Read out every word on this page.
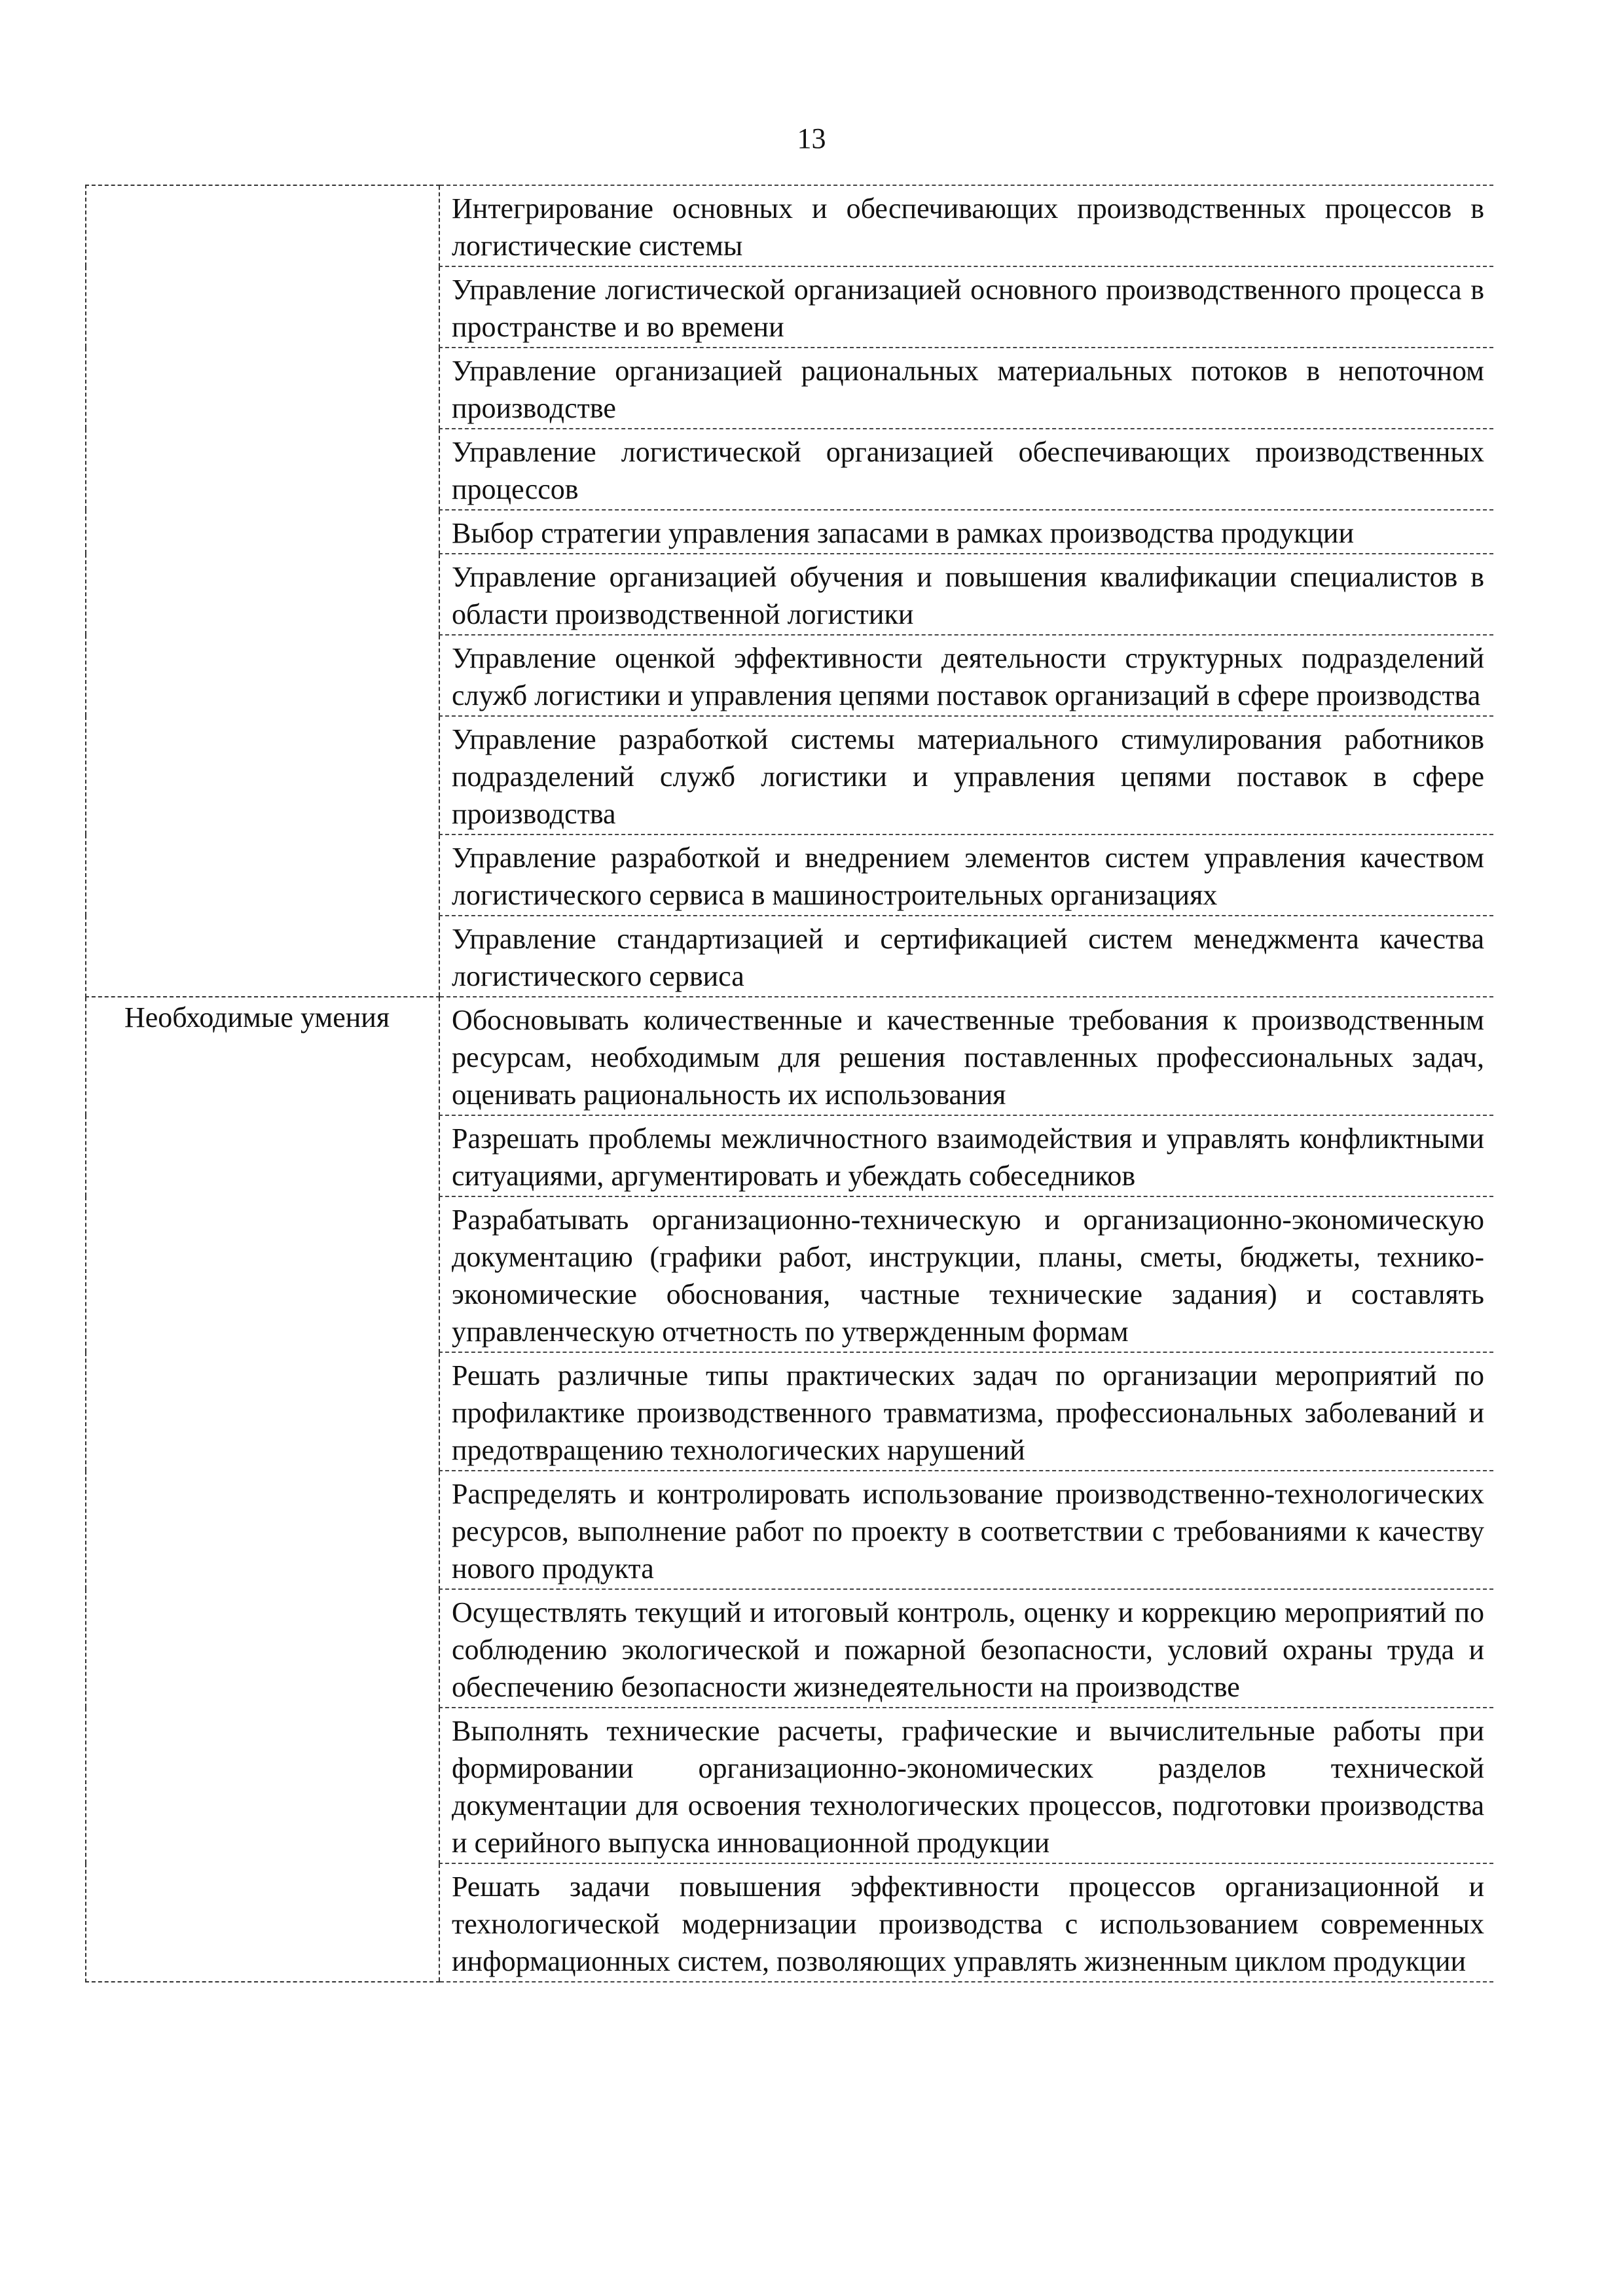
13
	Интегрирование основных и обеспечивающих производственных процессов в логистические системы
	Управление логистической организацией основного производственного процесса в пространстве и во времени
	Управление организацией рациональных материальных потоков в непоточном производстве
	Управление логистической организацией обеспечивающих производственных процессов
	Выбор стратегии управления запасами в рамках производства продукции
	Управление организацией обучения и повышения квалификации специалистов в области производственной логистики
	Управление оценкой эффективности деятельности структурных подразделений служб логистики и управления цепями поставок организаций в сфере производства
	Управление разработкой системы материального стимулирования работников подразделений служб логистики и управления цепями поставок в сфере производства
	Управление разработкой и внедрением элементов систем управления качеством логистического сервиса в машиностроительных организациях
	Управление стандартизацией и сертификацией систем менеджмента качества логистического сервиса

Необходимые умения	Обосновывать количественные и качественные требования к производственным ресурсам, необходимым для решения поставленных профессиональных задач, оценивать рациональность их использования
	Разрешать проблемы межличностного взаимодействия и управлять конфликтными ситуациями, аргументировать и убеждать собеседников
	Разрабатывать организационно-техническую и организационно-экономическую документацию (графики работ, инструкции, планы, сметы, бюджеты, технико-экономические обоснования, частные технические задания) и составлять управленческую отчетность по утвержденным формам
	Решать различные типы практических задач по организации мероприятий по профилактике производственного травматизма, профессиональных заболеваний и предотвращению технологических нарушений
	Распределять и контролировать использование производственно-технологических ресурсов, выполнение работ по проекту в соответствии с требованиями к качеству нового продукта
	Осуществлять текущий и итоговый контроль, оценку и коррекцию мероприятий по соблюдению экологической и пожарной безопасности, условий охраны труда и обеспечению безопасности жизнедеятельности на производстве
	Выполнять технические расчеты, графические и вычислительные работы при формировании организационно-экономических разделов технической документации для освоения технологических процессов, подготовки производства и серийного выпуска инновационной продукции
	Решать задачи повышения эффективности процессов организационной и технологической модернизации производства с использованием современных информационных систем, позволяющих управлять жизненным циклом продукции
